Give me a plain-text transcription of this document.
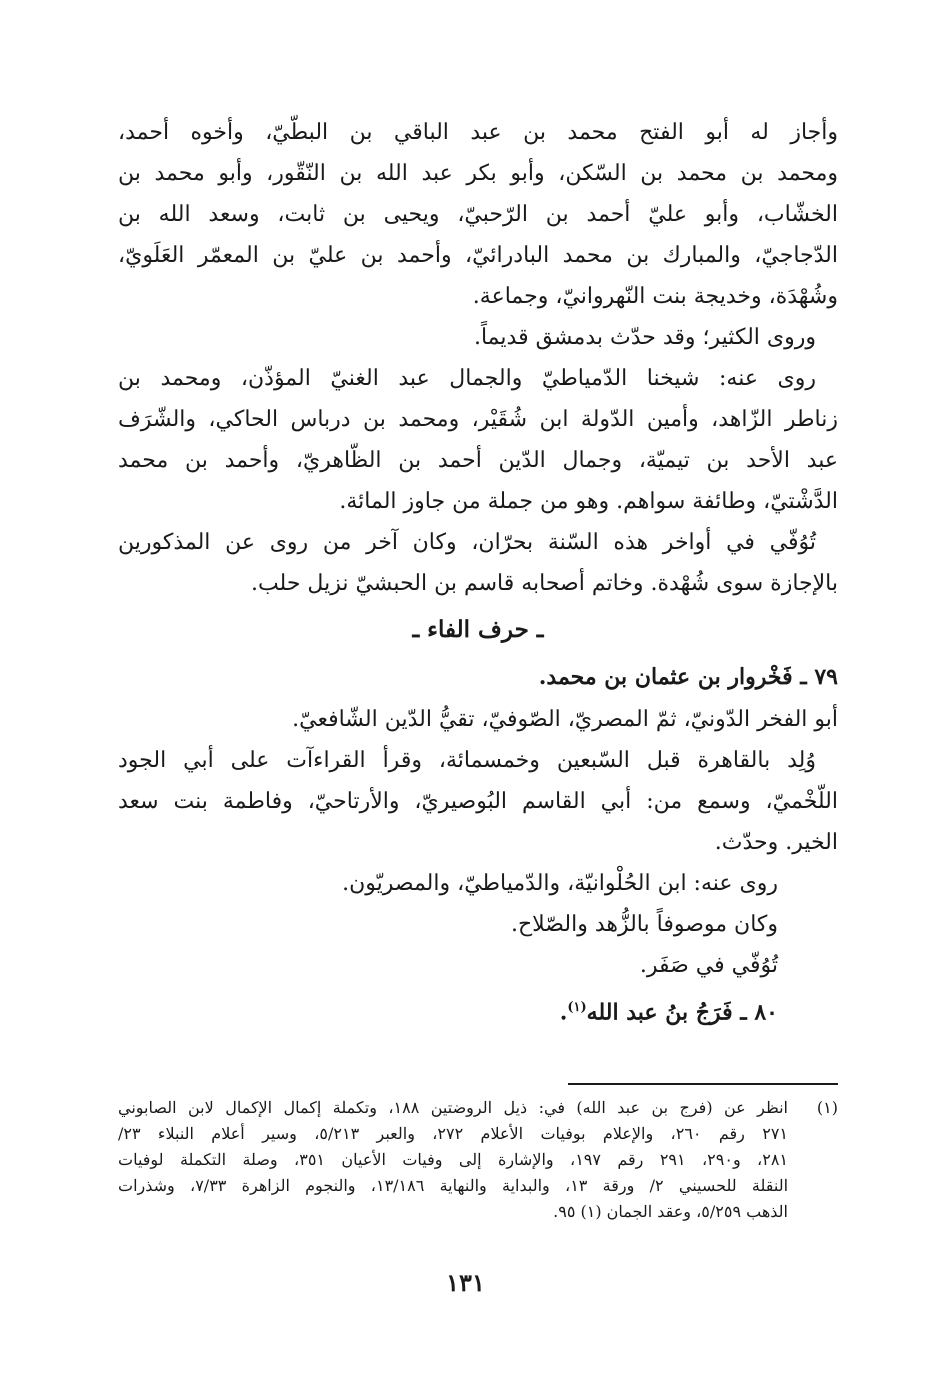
وأجاز له أبو الفتح محمد بن عبد الباقي بن البطّيّ، وأخوه أحمد،
ومحمد بن محمد بن السّكن، وأبو بكر عبد الله بن النّقّور، وأبو محمد بن
الخشّاب، وأبو عليّ أحمد بن الرّحبيّ، ويحيى بن ثابت، وسعد الله بن
الدّجاجيّ، والمبارك بن محمد البادرائيّ، وأحمد بن عليّ بن المعمّر العَلَويّ،
وشُهْدَة، وخديجة بنت النّهروانيّ، وجماعة.
وروى الكثير؛ وقد حدّث بدمشق قديماً.
روى عنه: شيخنا الدّمياطيّ والجمال عبد الغنيّ المؤذّن، ومحمد بن
زناطر الزّاهد، وأمين الدّولة ابن شُقَيْر، ومحمد بن درباس الحاكي، والشّرَف
عبد الأحد بن تيميّة، وجمال الدّين أحمد بن الظّاهريّ، وأحمد بن محمد
الدَّشْتيّ، وطائفة سواهم. وهو من جملة من جاوز المائة.
تُوُفّي في أواخر هذه السّنة بحرّان، وكان آخر من روى عن المذكورين
بالإجازة سوى شُهْدة. وخاتم أصحابه قاسم بن الحبشيّ نزيل حلب.
ـ حرف الفاء ـ
٧٩ ـ فَخْروار بن عثمان بن محمد.
أبو الفخر الدّونيّ، ثمّ المصريّ، الصّوفيّ، تقيُّ الدّين الشّافعيّ.
وُلِد بالقاهرة قبل السّبعين وخمسمائة، وقرأ القراءآت على أبي الجود
اللّخْميّ، وسمع من: أبي القاسم البُوصيريّ، والأرتاحيّ، وفاطمة بنت سعد
الخير. وحدّث.
روى عنه: ابن الحُلْوانيّة، والدّمياطيّ، والمصريّون.
وكان موصوفاً بالزُّهد والصّلاح.
تُوُفّي في صَفَر.
٨٠ ـ فَرَجُ بنُ عبد الله$^{(١)}$.
(١)
انظر عن (فرج بن عبد الله) في: ذيل الروضتين ١٨٨، وتكملة إكمال الإكمال لابن الصابوني
٢٧١ رقم ٢٦٠، والإعلام بوفيات الأعلام ٢٧٢، والعبر ٥/٢١٣، وسير أعلام النبلاء ٢٣/
٢٨١، و٢٩٠، ٢٩١ رقم ١٩٧، والإشارة إلى وفيات الأعيان ٣٥١، وصلة التكملة لوفيات
النقلة للحسيني ٢/ ورقة ١٣، والبداية والنهاية ١٣/١٨٦، والنجوم الزاهرة ٧/٣٣، وشذرات
الذهب ٥/٢٥٩، وعقد الجمان (١) ٩٥.
١٣١
